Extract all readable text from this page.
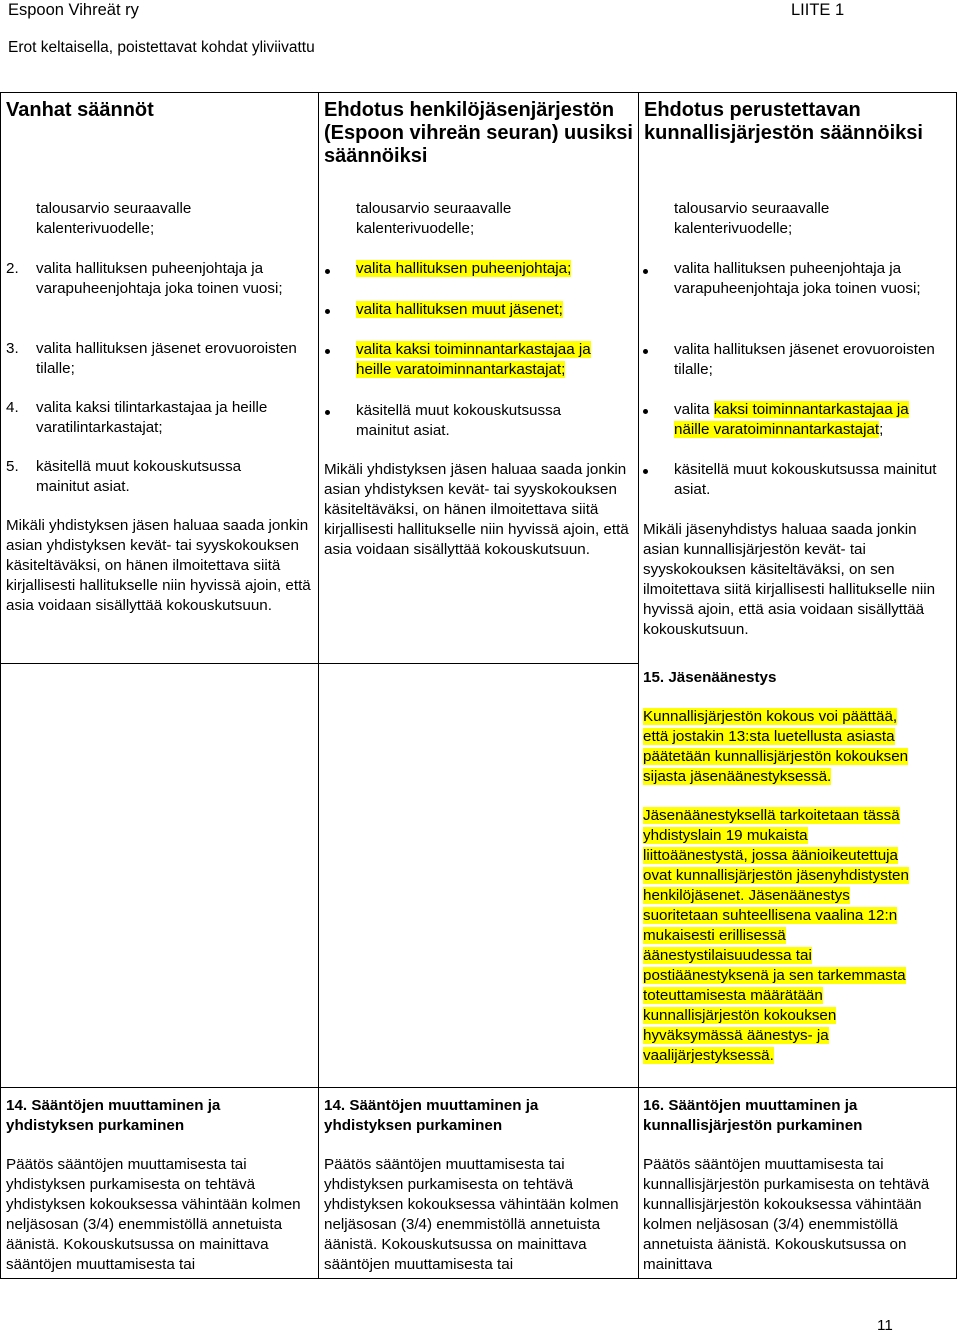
Espoon Vihreät ry	LIITE 1
Erot keltaisella, poistettavat kohdat yliviivattu
Vanhat säännöt	Ehdotus henkilöjäsenjärjestön (Espoon vihreän seuran) uusiksi säännöiksi
Ehdotus perustettavan kunnallisjärjestön säännöiksi
talousarvio seuraavalle kalenterivuodelle;
2. valita hallituksen puheenjohtaja ja varapuheenjohtaja joka toinen vuosi;
3. valita hallituksen jäsenet erovuoroisten tilalle;
4. valita kaksi tilintarkastajaa ja heille varatilintarkastajat;
5. käsitellä muut kokouskutsussa mainitut asiat.
Mikäli yhdistyksen jäsen haluaa saada jonkin asian yhdistyksen kevät- tai syyskokouksen käsiteltäväksi, on hänen ilmoitettava siitä kirjallisesti hallitukselle niin hyvissä ajoin, että asia voidaan sisällyttää kokouskutsuun.
14. Sääntöjen muuttaminen ja yhdistyksen purkaminen
Päätös sääntöjen muuttamisesta tai yhdistyksen purkamisesta on tehtävä yhdistyksen kokouksessa vähintään kolmen neljäsosan (3/4) enemmistöllä annetuista äänistä. Kokouskutsussa on mainittava sääntöjen muuttamisesta tai
talousarvio seuraavalle kalenterivuodelle;
valita hallituksen puheenjohtaja;
valita hallituksen muut jäsenet;
valita kaksi toiminnantarkastajaa ja heille varatoiminnantarkastajat;
käsitellä muut kokouskutsussa mainitut asiat.
Mikäli yhdistyksen jäsen haluaa saada jonkin asian yhdistyksen kevät- tai syyskokouksen käsiteltäväksi, on hänen ilmoitettava siitä kirjallisesti hallitukselle niin hyvissä ajoin, että asia voidaan sisällyttää kokouskutsuun.
14. Sääntöjen muuttaminen ja yhdistyksen purkaminen
Päätös sääntöjen muuttamisesta tai yhdistyksen purkamisesta on tehtävä yhdistyksen kokouksessa vähintään kolmen neljäsosan (3/4) enemmistöllä annetuista äänistä. Kokouskutsussa on mainittava sääntöjen muuttamisesta tai
talousarvio seuraavalle kalenterivuodelle;
valita hallituksen puheenjohtaja ja varapuheenjohtaja joka toinen vuosi;
valita hallituksen jäsenet erovuoroisten tilalle;
valita kaksi toiminnantarkastajaa ja
näille varatoiminnantarkastajat;
käsitellä muut kokouskutsussa mainitut asiat.
Mikäli jäsenyhdistys haluaa saada jonkin asian kunnallisjärjestön kevät- tai syyskokouksen käsiteltäväksi, on sen ilmoitettava siitä kirjallisesti hallitukselle niin hyvissä ajoin, että asia voidaan sisällyttää kokouskutsuun.
15. Jäsenäänestys
Kunnallisjärjestön kokous voi päättää,
että jostakin 13:sta luetellusta asiasta
päätetään kunnallisjärjestön kokouksen
sijasta jäsenäänestyksessä.
Jäsenäänestyksellä tarkoitetaan tässä
yhdistyslain 19 mukaista
liittoäänestystä, jossa äänioikeutettuja
ovat kunnallisjärjestön jäsenyhdistysten
henkilöjäsenet. Jäsenäänestys
suoritetaan suhteellisena vaalina 12:n
mukaisesti erillisessä
äänestystilaisuudessa tai
postiäänestyksenä ja sen tarkemmasta
toteuttamisesta määrätään
kunnallisjärjestön kokouksen
hyväksymässä äänestys- ja
vaalijärjestyksessä.
16. Sääntöjen muuttaminen ja kunnallisjärjestön purkaminen
Päätös sääntöjen muuttamisesta tai kunnallisjärjestön purkamisesta on tehtävä kunnallisjärjestön kokouksessa vähintään kolmen neljäsosan (3/4) enemmistöllä annetuista äänistä. Kokouskutsussa on mainittava
11
